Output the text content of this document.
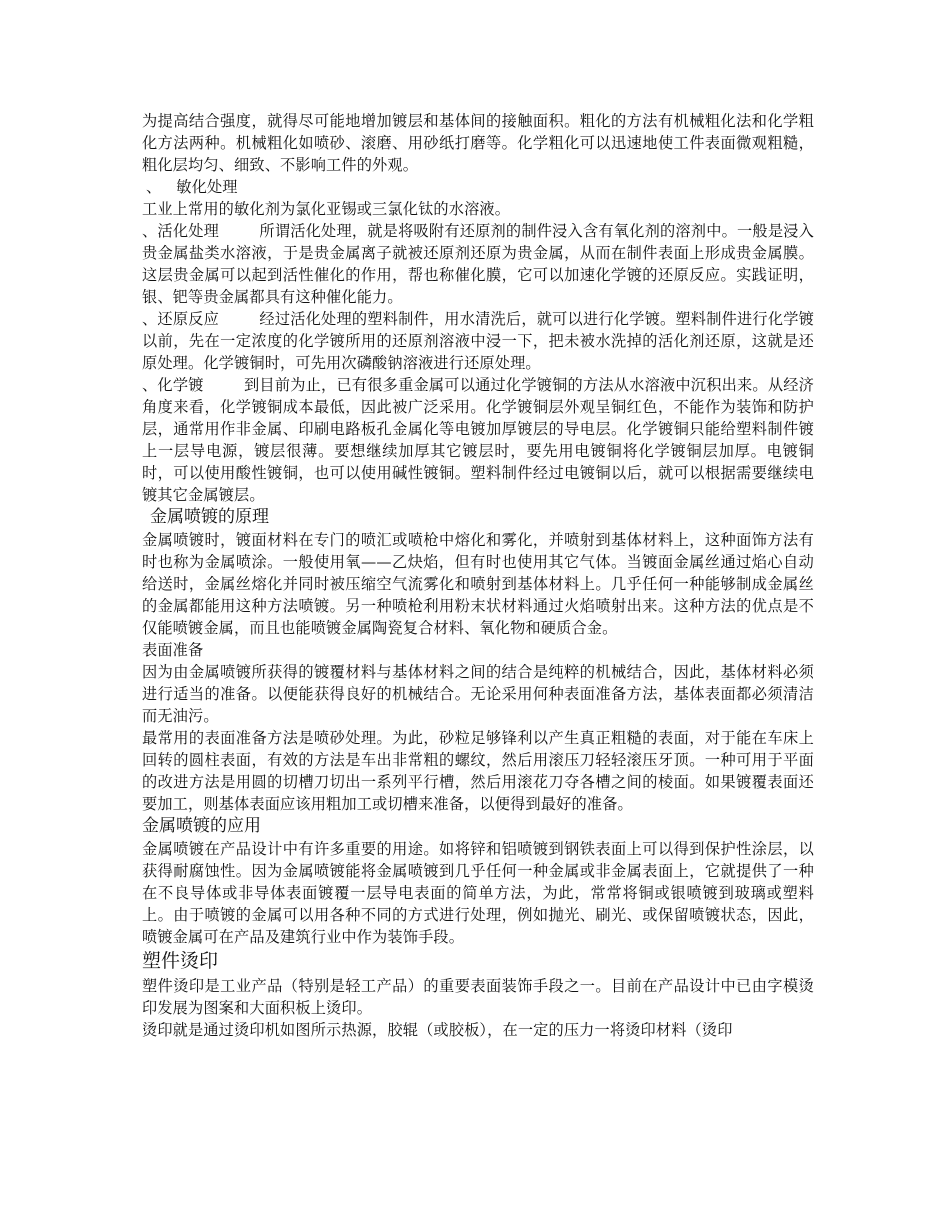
为提高结合强度，就得尽可能地增加镀层和基体间的接触面积。粗化的方法有机械粗化法和化学粗化方法两种。机械粗化如喷砂、滚磨、用砂纸打磨等。化学粗化可以迅速地使工件表面微观粗糙，粗化层均匀、细致、不影响工件的外观。

、   敏化处理

工业上常用的敏化剂为氯化亚锡或三氯化钛的水溶液。

、活化处理        所谓活化处理，就是将吸附有还原剂的制件浸入含有氧化剂的溶剂中。一般是浸入贵金属盐类水溶液，于是贵金属离子就被还原剂还原为贵金属，从而在制件表面上形成贵金属膜。这层贵金属可以起到活性催化的作用，帮也称催化膜，它可以加速化学镀的还原反应。实践证明，银、钯等贵金属都具有这种催化能力。

、还原反应        经过活化处理的塑料制件，用水清洗后，就可以进行化学镀。塑料制件进行化学镀以前，先在一定浓度的化学镀所用的还原剂溶液中浸一下，把未被水洗掉的活化剂还原，这就是还原处理。化学镀铜时，可先用次磷酸钠溶液进行还原处理。

、化学镀        到目前为止，已有很多重金属可以通过化学镀铜的方法从水溶液中沉积出来。从经济角度来看，化学镀铜成本最低，因此被广泛采用。化学镀铜层外观呈铜红色，不能作为装饰和防护层，通常用作非金属、印刷电路板孔金属化等电镀加厚镀层的导电层。化学镀铜只能给塑料制件镀上一层导电源，镀层很薄。要想继续加厚其它镀层时，要先用电镀铜将化学镀铜层加厚。电镀铜时，可以使用酸性镀铜，也可以使用碱性镀铜。塑料制件经过电镀铜以后，就可以根据需要继续电镀其它金属镀层。

金属喷镀的原理

金属喷镀时，镀面材料在专门的喷汇或喷枪中熔化和雾化，并喷射到基体材料上，这种面饰方法有时也称为金属喷涂。一般使用氧——乙炔焰，但有时也使用其它气体。当镀面金属丝通过焰心自动给送时，金属丝熔化并同时被压缩空气流雾化和喷射到基体材料上。几乎任何一种能够制成金属丝的金属都能用这种方法喷镀。另一种喷枪利用粉末状材料通过火焰喷射出来。这种方法的优点是不仅能喷镀金属，而且也能喷镀金属陶瓷复合材料、氧化物和硬质合金。

表面准备

因为由金属喷镀所获得的镀覆材料与基体材料之间的结合是纯粹的机械结合，因此，基体材料必须进行适当的准备。以便能获得良好的机械结合。无论采用何种表面准备方法，基体表面都必须清洁而无油污。

最常用的表面准备方法是喷砂处理。为此，砂粒足够锋利以产生真正粗糙的表面，对于能在车床上回转的圆柱表面，有效的方法是车出非常粗的螺纹，然后用滚压刀轻轻滚压牙顶。一种可用于平面的改进方法是用圆的切槽刀切出一系列平行槽，然后用滚花刀夺各槽之间的棱面。如果镀覆表面还要加工，则基体表面应该用粗加工或切槽来准备，以便得到最好的准备。

金属喷镀的应用

金属喷镀在产品设计中有许多重要的用途。如将锌和铝喷镀到钢铁表面上可以得到保护性涂层，以获得耐腐蚀性。因为金属喷镀能将金属喷镀到几乎任何一种金属或非金属表面上，它就提供了一种在不良导体或非导体表面镀覆一层导电表面的简单方法，为此，常常将铜或银喷镀到玻璃或塑料上。由于喷镀的金属可以用各种不同的方式进行处理，例如抛光、刷光、或保留喷镀状态，因此，喷镀金属可在产品及建筑行业中作为装饰手段。

塑件烫印

塑件烫印是工业产品（特别是轻工产品）的重要表面装饰手段之一。目前在产品设计中已由字模烫印发展为图案和大面积板上烫印。

烫印就是通过烫印机如图所示热源，胶辊（或胶板），在一定的压力一将烫印材料（烫印
